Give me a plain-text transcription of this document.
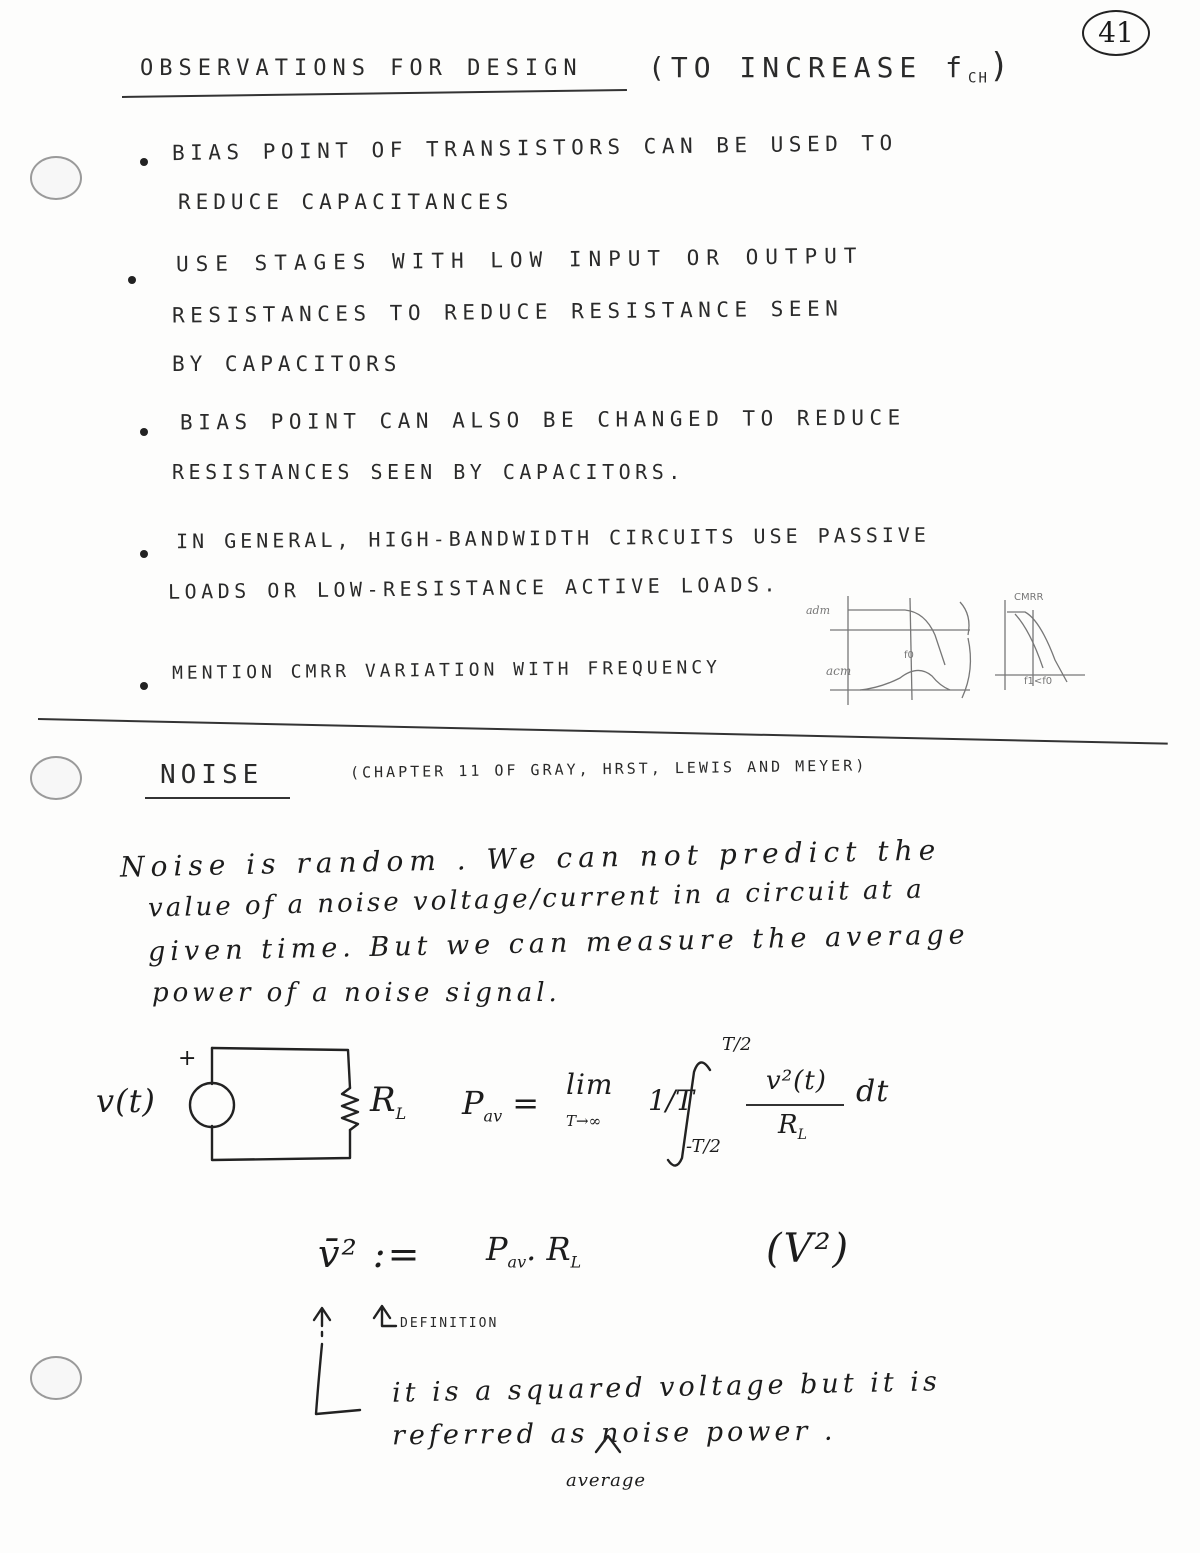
41
OBSERVATIONS FOR DESIGN (TO INCREASE $f_{CH}$)
BIAS POINT OF TRANSISTORS CAN BE USED TO
REDUCE CAPACITANCES
USE STAGES WITH LOW INPUT OR OUTPUT
RESISTANCES TO REDUCE RESISTANCE SEEN
BY CAPACITORS
BIAS POINT CAN ALSO BE CHANGED TO REDUCE
RESISTANCES SEEN BY CAPACITORS.
IN GENERAL, HIGH-BANDWIDTH CIRCUITS USE PASSIVE
LOADS OR LOW-RESISTANCE ACTIVE LOADS.
MENTION CMRR VARIATION WITH FREQUENCY
adm
acm
f0
CMRR
f1<f0
NOISE	(CHAPTER 11 OF GRAY, HRST, LEWIS AND MEYER)
Noise is random . We can not predict the
value of a noise voltage/current in a circuit at a
given time. But we can measure the average
power of a noise signal.
v(t)
+
$R_L$ $P_{av} = \lim$
T→∞
1/T
T/2
-T/2
v²(t)
$R_L$
dt
v̄² := $P_{av}$. $R_L$	(V²)
DEFINITION
it is a squared voltage but it is
referred as noise power .
average
